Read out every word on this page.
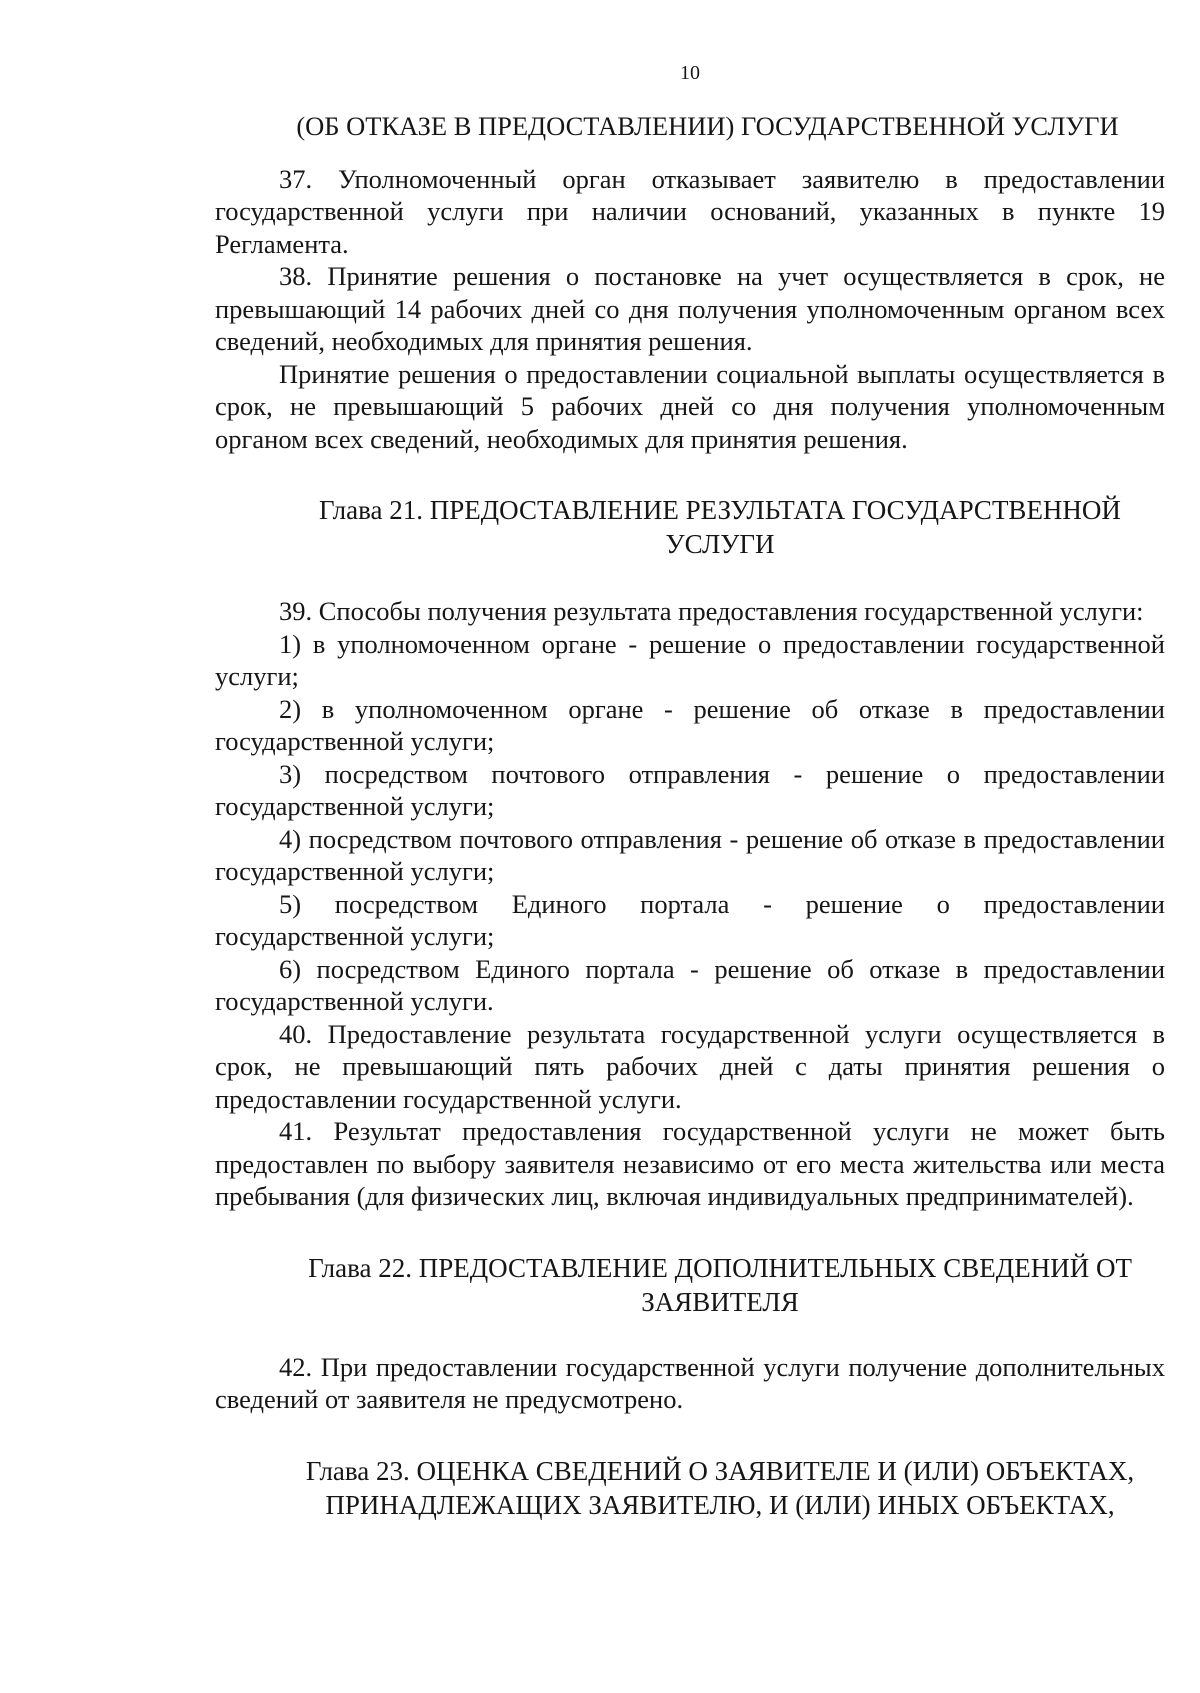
10
(ОБ ОТКАЗЕ В ПРЕДОСТАВЛЕНИИ) ГОСУДАРСТВЕННОЙ УСЛУГИ

37. Уполномоченный орган отказывает заявителю в предоставлении государственной услуги при наличии оснований, указанных в пункте 19 Регламента.

38. Принятие решения о постановке на учет осуществляется в срок, не превышающий 14 рабочих дней со дня получения уполномоченным органом всех сведений, необходимых для принятия решения.

Принятие решения о предоставлении социальной выплаты осуществляется в срок, не превышающий 5 рабочих дней со дня получения уполномоченным органом всех сведений, необходимых для принятия решения.

Глава 21. ПРЕДОСТАВЛЕНИЕ РЕЗУЛЬТАТА ГОСУДАРСТВЕННОЙ
УСЛУГИ

39. Способы получения результата предоставления государственной услуги:

1) в уполномоченном органе - решение о предоставлении государственной услуги;

2) в уполномоченном органе - решение об отказе в предоставлении государственной услуги;

3) посредством почтового отправления - решение о предоставлении государственной услуги;

4) посредством почтового отправления - решение об отказе в предоставлении государственной услуги;

5) посредством Единого портала - решение о предоставлении государственной услуги;

6) посредством Единого портала - решение об отказе в предоставлении государственной услуги.

40. Предоставление результата государственной услуги осуществляется в срок, не превышающий пять рабочих дней с даты принятия решения о предоставлении государственной услуги.

41. Результат предоставления государственной услуги не может быть предоставлен по выбору заявителя независимо от его места жительства или места пребывания (для физических лиц, включая индивидуальных предпринимателей).

Глава 22. ПРЕДОСТАВЛЕНИЕ ДОПОЛНИТЕЛЬНЫХ СВЕДЕНИЙ ОТ
ЗАЯВИТЕЛЯ

42. При предоставлении государственной услуги получение дополнительных сведений от заявителя не предусмотрено.

Глава 23. ОЦЕНКА СВЕДЕНИЙ О ЗАЯВИТЕЛЕ И (ИЛИ) ОБЪЕКТАХ,
ПРИНАДЛЕЖАЩИХ ЗАЯВИТЕЛЮ, И (ИЛИ) ИНЫХ ОБЪЕКТАХ,
